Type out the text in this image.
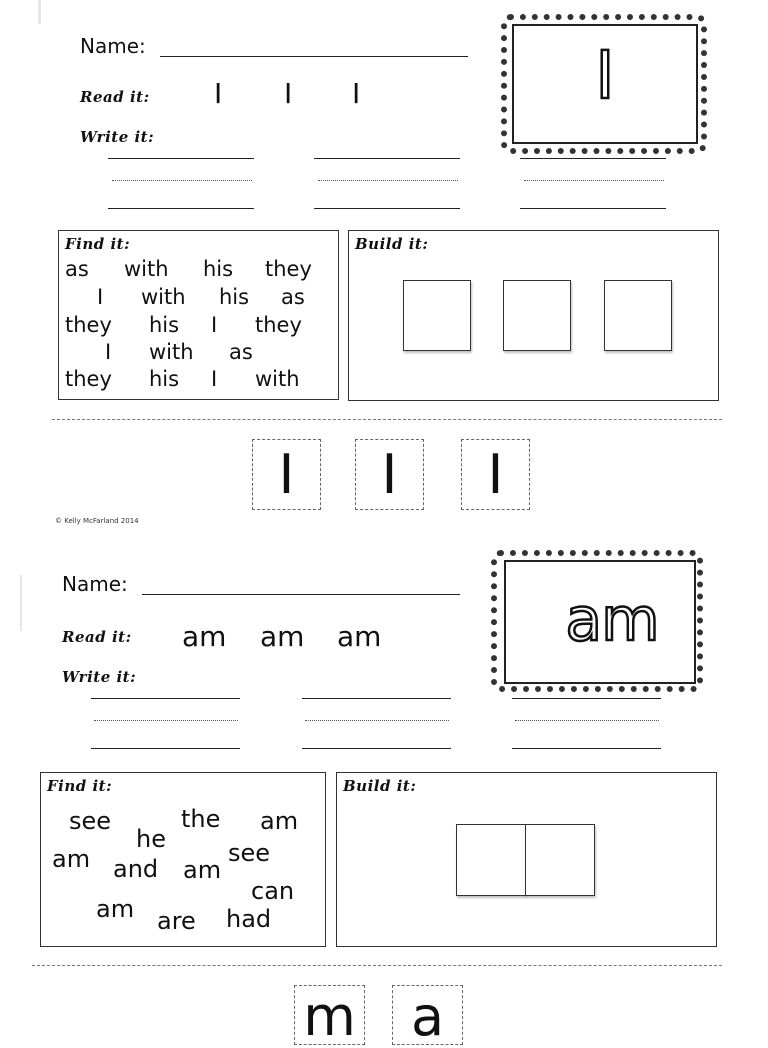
Name:
Read it: I I I
Write it:
I
Find it:
as with his they
I with his as
they his I they
I with as
they his I with
Build it:
I I I
© Kelly McFarland 2014
Name:
Read it: am am am
Write it:
am
Find it:
see
he
the am
am and am
see
can
am are had
Build it:
m a
